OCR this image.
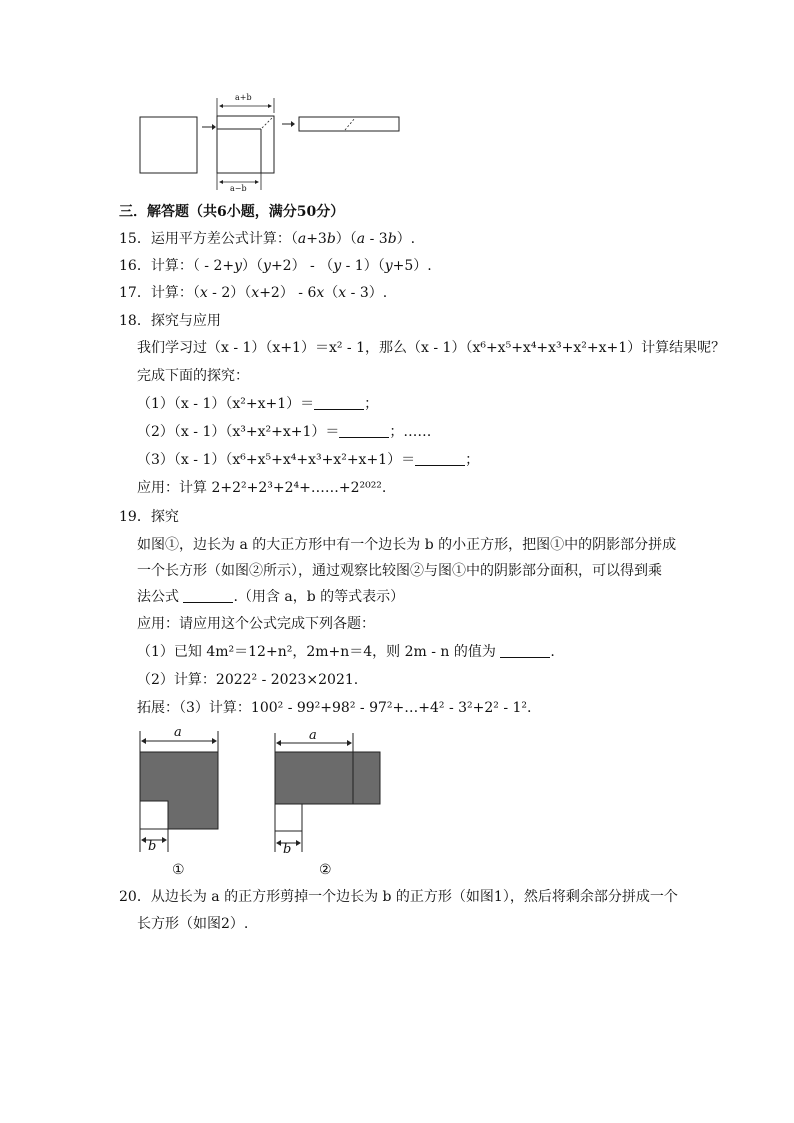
a+b
a−b
三．解答题（共6小题，满分50分）
15．运用平方差公式计算：（a+3b）（a - 3b）.
16．计算：（ - 2+y）（y+2） - （y - 1）（y+5）.
17．计算：（x - 2）（x+2） - 6x（x - 3）.
18．探究与应用
我们学习过（x - 1）（x+1）＝x² - 1，那么（x - 1）（x⁶+x⁵+x⁴+x³+x²+x+1）计算结果呢？
完成下面的探究：
（1）（x - 1）（x²+x+1）＝	；
（2）（x - 1）（x³+x²+x+1）＝	；……
（3）（x - 1）（x⁶+x⁵+x⁴+x³+x²+x+1）＝	；
应用：计算 2+2²+2³+2⁴+……+2²⁰²².
19．探究
如图①，边长为 a 的大正方形中有一个边长为 b 的小正方形，把图①中的阴影部分拼成
一个长方形（如图②所示），通过观察比较图②与图①中的阴影部分面积，可以得到乘
法公式	.（用含 a，b 的等式表示）
应用：请应用这个公式完成下列各题：
（1）已知 4m²＝12+n²，2m+n＝4，则 2m - n 的值为	.
（2）计算：2022² - 2023×2021.
拓展：（3）计算：100² - 99²+98² - 97²+…+4² - 3²+2² - 1².
a
b
①
a
b
②
20．从边长为 a 的正方形剪掉一个边长为 b 的正方形（如图1），然后将剩余部分拼成一个
长方形（如图2）.
